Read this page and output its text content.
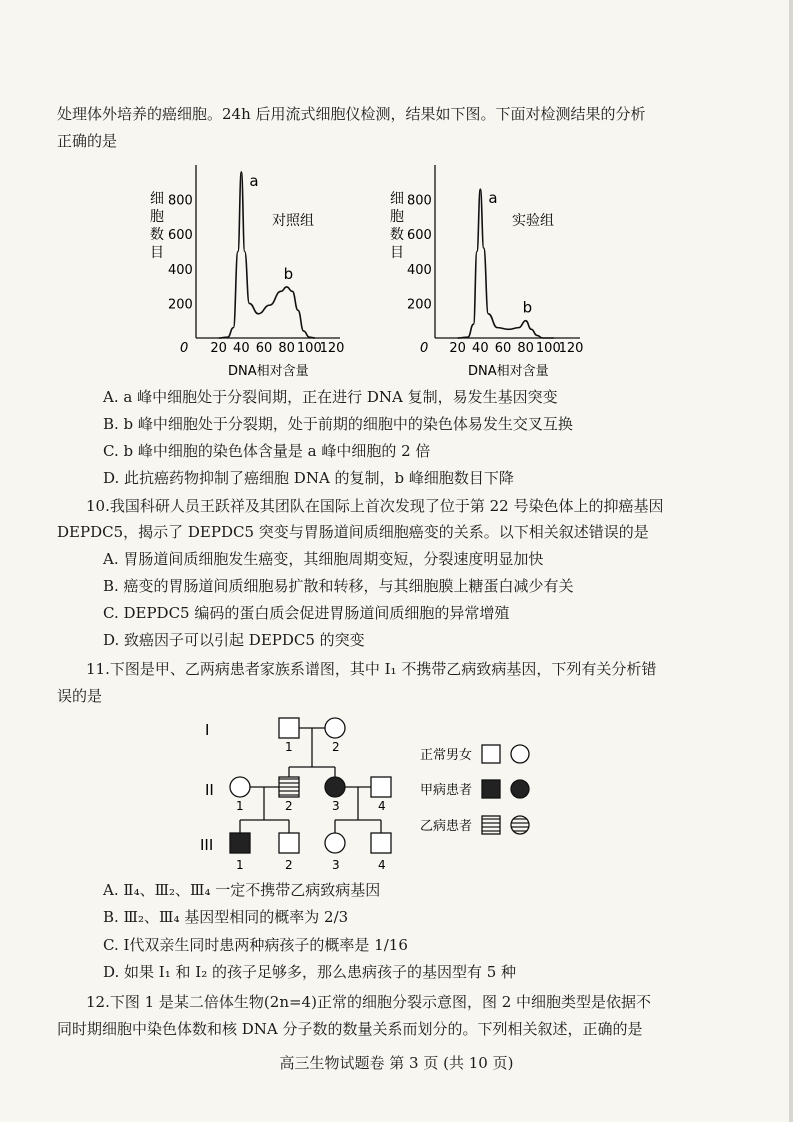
处理体外培养的癌细胞。24h 后用流式细胞仪检测，结果如下图。下面对检测结果的分析
正确的是
细
胞
数
目
200
400
600
800
20 40 60 80 100
120
0
对照组
a
b
DNA相对含量
细
胞
数
目
200
400
600
800
20 40 60 80 100
120
0
实验组
a
b
DNA相对含量
A. a 峰中细胞处于分裂间期，正在进行 DNA 复制，易发生基因突变
B. b 峰中细胞处于分裂期，处于前期的细胞中的染色体易发生交叉互换
C. b 峰中细胞的染色体含量是 a 峰中细胞的 2 倍
D. 此抗癌药物抑制了癌细胞 DNA 的复制，b 峰细胞数目下降
10.我国科研人员王跃祥及其团队在国际上首次发现了位于第 22 号染色体上的抑癌基因
DEPDC5，揭示了 DEPDC5 突变与胃肠道间质细胞癌变的关系。以下相关叙述错误的是
A. 胃肠道间质细胞发生癌变，其细胞周期变短，分裂速度明显加快
B. 癌变的胃肠道间质细胞易扩散和转移，与其细胞膜上糖蛋白减少有关
C. DEPDC5 编码的蛋白质会促进胃肠道间质细胞的异常增殖
D. 致癌因子可以引起 DEPDC5 的突变
11.下图是甲、乙两病患者家族系谱图，其中 I₁ 不携带乙病致病基因，下列有关分析错
误的是
I
II
III
1	2
1	2	3	4
1	2	3	4
正常男女
甲病患者
乙病患者
A. Ⅱ₄、Ⅲ₂、Ⅲ₄ 一定不携带乙病致病基因
B. Ⅲ₂、Ⅲ₄ 基因型相同的概率为 2/3
C. Ⅰ代双亲生同时患两种病孩子的概率是 1/16
D. 如果 Ⅰ₁ 和 Ⅰ₂ 的孩子足够多，那么患病孩子的基因型有 5 种
12.下图 1 是某二倍体生物(2n=4)正常的细胞分裂示意图，图 2 中细胞类型是依据不
同时期细胞中染色体数和核 DNA 分子数的数量关系而划分的。下列相关叙述，正确的是
高三生物试题卷 第 3 页 (共 10 页)
